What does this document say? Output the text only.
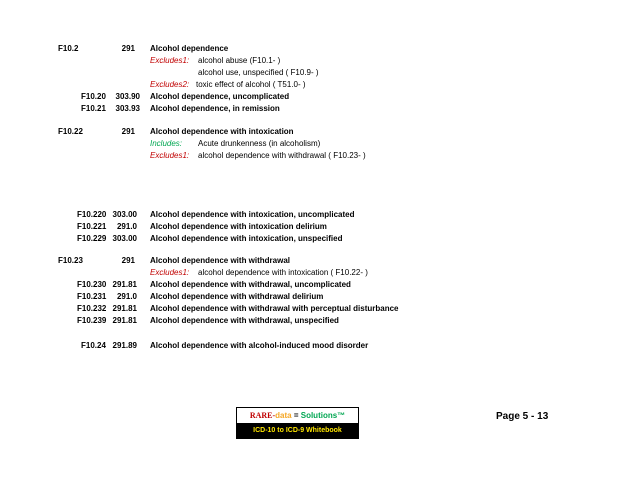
F10.2	291 Alcohol dependence
Excludes1: alcohol abuse (F10.1- )
alcohol use, unspecified ( F10.9- )
Excludes2: toxic effect of alcohol ( T51.0- )
F10.20	303.90 Alcohol dependence, uncomplicated
F10.21	303.93 Alcohol dependence, in remission
F10.22	291 Alcohol dependence with intoxication
Includes: Acute drunkenness (in alcoholism)
Excludes1: alcohol dependence with withdrawal ( F10.23- )
F10.220 303.00 Alcohol dependence with intoxication, uncomplicated
F10.221	291.0 Alcohol dependence with intoxication delirium
F10.229 303.00 Alcohol dependence with intoxication, unspecified
F10.23	291 Alcohol dependence with withdrawal
Excludes1: alcohol dependence with intoxication ( F10.22- )
F10.230 291.81 Alcohol dependence with withdrawal, uncomplicated
F10.231	291.0 Alcohol dependence with withdrawal delirium
F10.232 291.81 Alcohol dependence with withdrawal with perceptual disturbance
F10.239 291.81 Alcohol dependence with withdrawal, unspecified
F10.24 291.89 Alcohol dependence with alcohol-induced mood disorder
RARE-data = Solutions™
ICD-10 to ICD-9 Whitebook
Page 5 - 13
